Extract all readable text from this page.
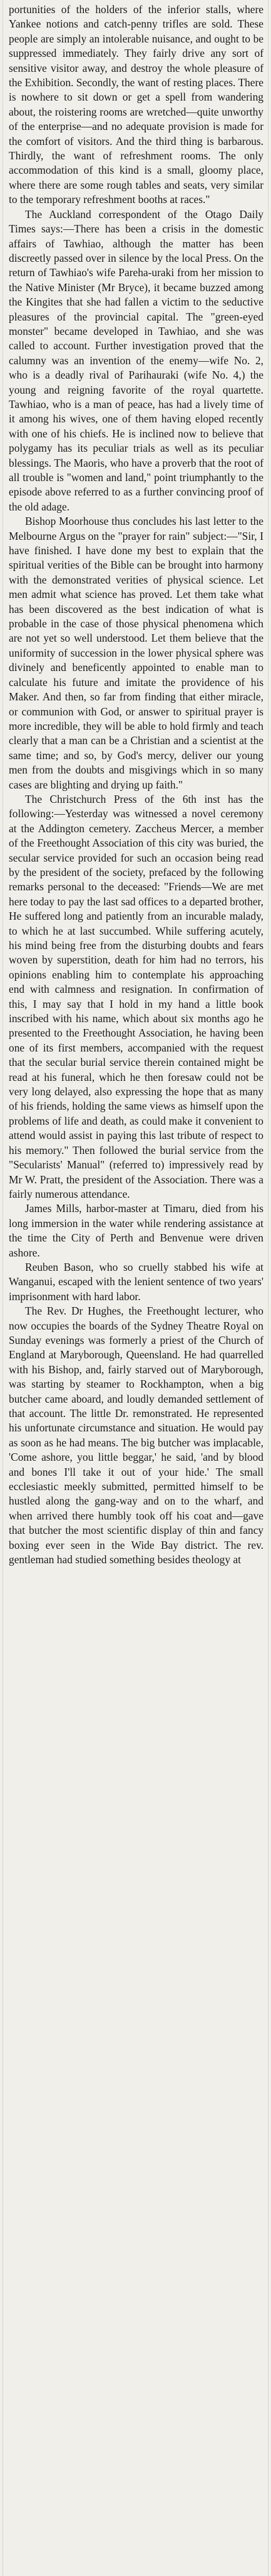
portunities of the holders of the inferior stalls, where Yankee notions and catch-penny trifles are sold. These people are simply an intolerable nuisance, and ought to be suppressed immediately. They fairly drive any sort of sensitive visitor away, and destroy the whole pleasure of the Exhibition. Secondly, the want of resting places. There is nowhere to sit down or get a spell from wandering about, the roistering rooms are wretched—quite unworthy of the enterprise—and no adequate provision is made for the comfort of visitors. And the third thing is barbarous. Thirdly, the want of refreshment rooms. The only accommodation of this kind is a small, gloomy place, where there are some rough tables and seats, very similar to the temporary refreshment booths at races."

The Auckland correspondent of the Otago Daily Times says:—There has been a crisis in the domestic affairs of Tawhiao, although the matter has been discreetly passed over in silence by the local Press. On the return of Tawhiao's wife Pareha-uraki from her mission to the Native Minister (Mr Bryce), it became buzzed among the Kingites that she had fallen a victim to the seductive pleasures of the provincial capital. The "green-eyed monster" became developed in Tawhiao, and she was called to account. Further investigation proved that the calumny was an invention of the enemy—wife No. 2, who is a deadly rival of Parihauraki (wife No. 4,) the young and reigning favorite of the royal quartette. Tawhiao, who is a man of peace, has had a lively time of it among his wives, one of them having eloped recently with one of his chiefs. He is inclined now to believe that polygamy has its peculiar trials as well as its peculiar blessings. The Maoris, who have a proverb that the root of all trouble is "women and land," point triumphantly to the episode above referred to as a further convincing proof of the old adage.

Bishop Moorhouse thus concludes his last letter to the Melbourne Argus on the "prayer for rain" subject:—"Sir, I have finished. I have done my best to explain that the spiritual verities of the Bible can be brought into harmony with the demonstrated verities of physical science. Let men admit what science has proved. Let them take what has been discovered as the best indication of what is probable in the case of those physical phenomena which are not yet so well understood. Let them believe that the uniformity of succession in the lower physical sphere was divinely and beneficently appointed to enable man to calculate his future and imitate the providence of his Maker. And then, so far from finding that either miracle, or communion with God, or answer to spiritual prayer is more incredible, they will be able to hold firmly and teach clearly that a man can be a Christian and a scientist at the same time; and so, by God's mercy, deliver our young men from the doubts and misgivings which in so many cases are blighting and drying up faith."

The Christchurch Press of the 6th inst has the following:—Yesterday was witnessed a novel ceremony at the Addington cemetery. Zaccheus Mercer, a member of the Freethought Association of this city was buried, the secular service provided for such an occasion being read by the president of the society, prefaced by the following remarks personal to the deceased: "Friends—We are met here today to pay the last sad offices to a departed brother, He suffered long and patiently from an incurable malady, to which he at last succumbed. While suffering acutely, his mind being free from the disturbing doubts and fears woven by superstition, death for him had no terrors, his opinions enabling him to contemplate his approaching end with calmness and resignation. In confirmation of this, I may say that I hold in my hand a little book inscribed with his name, which about six months ago he presented to the Freethought Association, he having been one of its first members, accompanied with the request that the secular burial service therein contained might be read at his funeral, which he then foresaw could not be very long delayed, also expressing the hope that as many of his friends, holding the same views as himself upon the problems of life and death, as could make it convenient to attend would assist in paying this last tribute of respect to his memory." Then followed the burial service from the "Secularists' Manual" (referred to) impressively read by Mr W. Pratt, the president of the Association. There was a fairly numerous attendance.

James Mills, harbor-master at Timaru, died from his long immersion in the water while rendering assistance at the time the City of Perth and Benvenue were driven ashore.

Reuben Bason, who so cruelly stabbed his wife at Wanganui, escaped with the lenient sentence of two years' imprisonment with hard labor.

The Rev. Dr Hughes, the Freethought lecturer, who now occupies the boards of the Sydney Theatre Royal on Sunday evenings was formerly a priest of the Church of England at Maryborough, Queensland. He had quarrelled with his Bishop, and, fairly starved out of Maryborough, was starting by steamer to Rockhampton, when a big butcher came aboard, and loudly demanded settlement of that account. The little Dr. remonstrated. He represented his unfortunate circumstance and situation. He would pay as soon as he had means. The big butcher was implacable, 'Come ashore, you little beggar,' he said, 'and by blood and bones I'll take it out of your hide.' The small ecclesiastic meekly submitted, permitted himself to be hustled along the gang-way and on to the wharf, and when arrived there humbly took off his coat and—gave that butcher the most scientific display of thin and fancy boxing ever seen in the Wide Bay district. The rev. gentleman had studied something besides theology at
